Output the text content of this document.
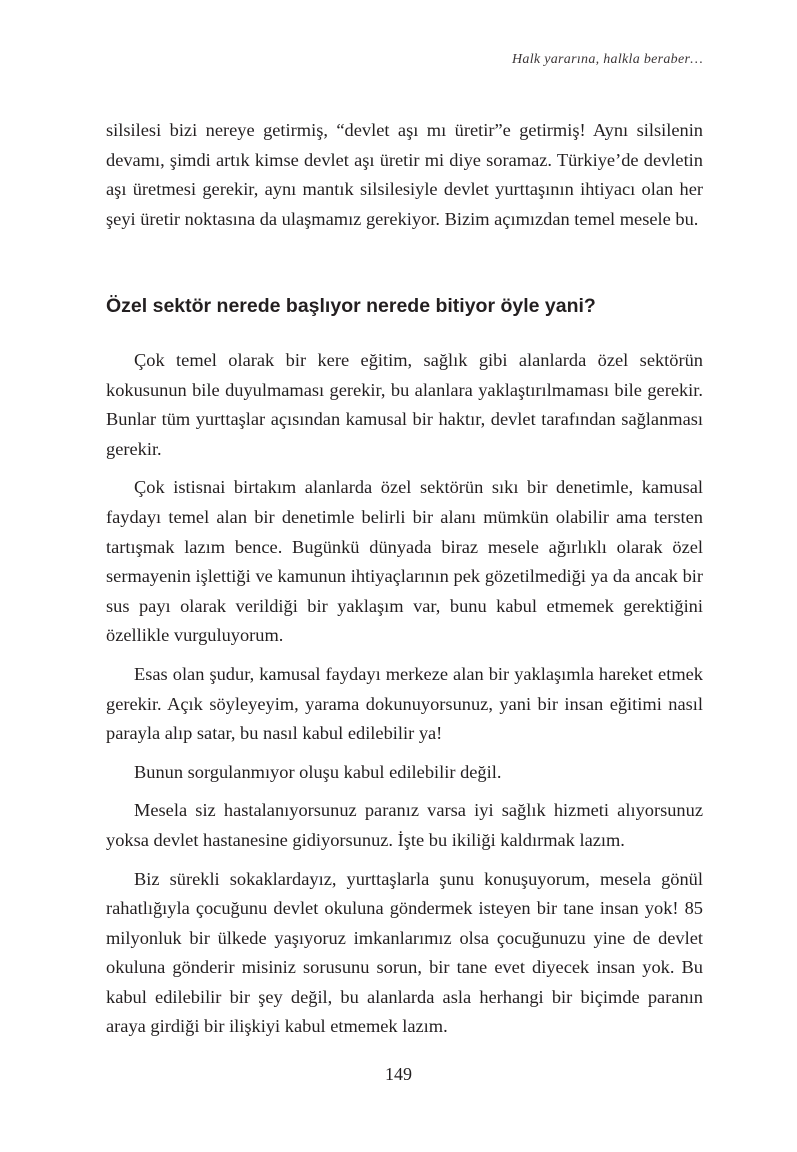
Halk yararına, halkla beraber…

silsilesi bizi nereye getirmiş, “devlet aşı mı üretir”e getirmiş! Aynı silsilenin devamı, şimdi artık kimse devlet aşı üretir mi diye soramaz. Türkiye’de devletin aşı üretmesi gerekir, aynı mantık silsilesiyle devlet yurttaşının ihtiyacı olan her şeyi üretir noktasına da ulaşmamız gerekiyor. Bizim açımızdan temel mesele bu.

Özel sektör nerede başlıyor nerede bitiyor öyle yani?

Çok temel olarak bir kere eğitim, sağlık gibi alanlarda özel sektörün kokusunun bile duyulmaması gerekir, bu alanlara yaklaştırılmaması bile gerekir. Bunlar tüm yurttaşlar açısından kamusal bir haktır, devlet tarafından sağlanması gerekir.

Çok istisnai birtakım alanlarda özel sektörün sıkı bir denetimle, kamusal faydayı temel alan bir denetimle belirli bir alanı mümkün olabilir ama tersten tartışmak lazım bence. Bugünkü dünyada biraz mesele ağırlıklı olarak özel sermayenin işlettiği ve kamunun ihtiyaçlarının pek gözetilmediği ya da ancak bir sus payı olarak verildiği bir yaklaşım var, bunu kabul etmemek gerektiğini özellikle vurguluyorum.

Esas olan şudur, kamusal faydayı merkeze alan bir yaklaşımla hareket etmek gerekir. Açık söyleyeyim, yarama dokunuyorsunuz, yani bir insan eğitimi nasıl parayla alıp satar, bu nasıl kabul edilebilir ya!

Bunun sorgulanmıyor oluşu kabul edilebilir değil.

Mesela siz hastalanıyorsunuz paranız varsa iyi sağlık hizmeti alıyorsunuz yoksa devlet hastanesine gidiyorsunuz. İşte bu ikiliği kaldırmak lazım.

Biz sürekli sokaklardayız, yurttaşlarla şunu konuşuyorum, mesela gönül rahatlığıyla çocuğunu devlet okuluna göndermek isteyen bir tane insan yok! 85 milyonluk bir ülkede yaşıyoruz imkanlarımız olsa çocuğunuzu yine de devlet okuluna gönderir misiniz sorusunu sorun, bir tane evet diyecek insan yok. Bu kabul edilebilir bir şey değil, bu alanlarda asla herhangi bir biçimde paranın araya girdiği bir ilişkiyi kabul etmemek lazım.

149
